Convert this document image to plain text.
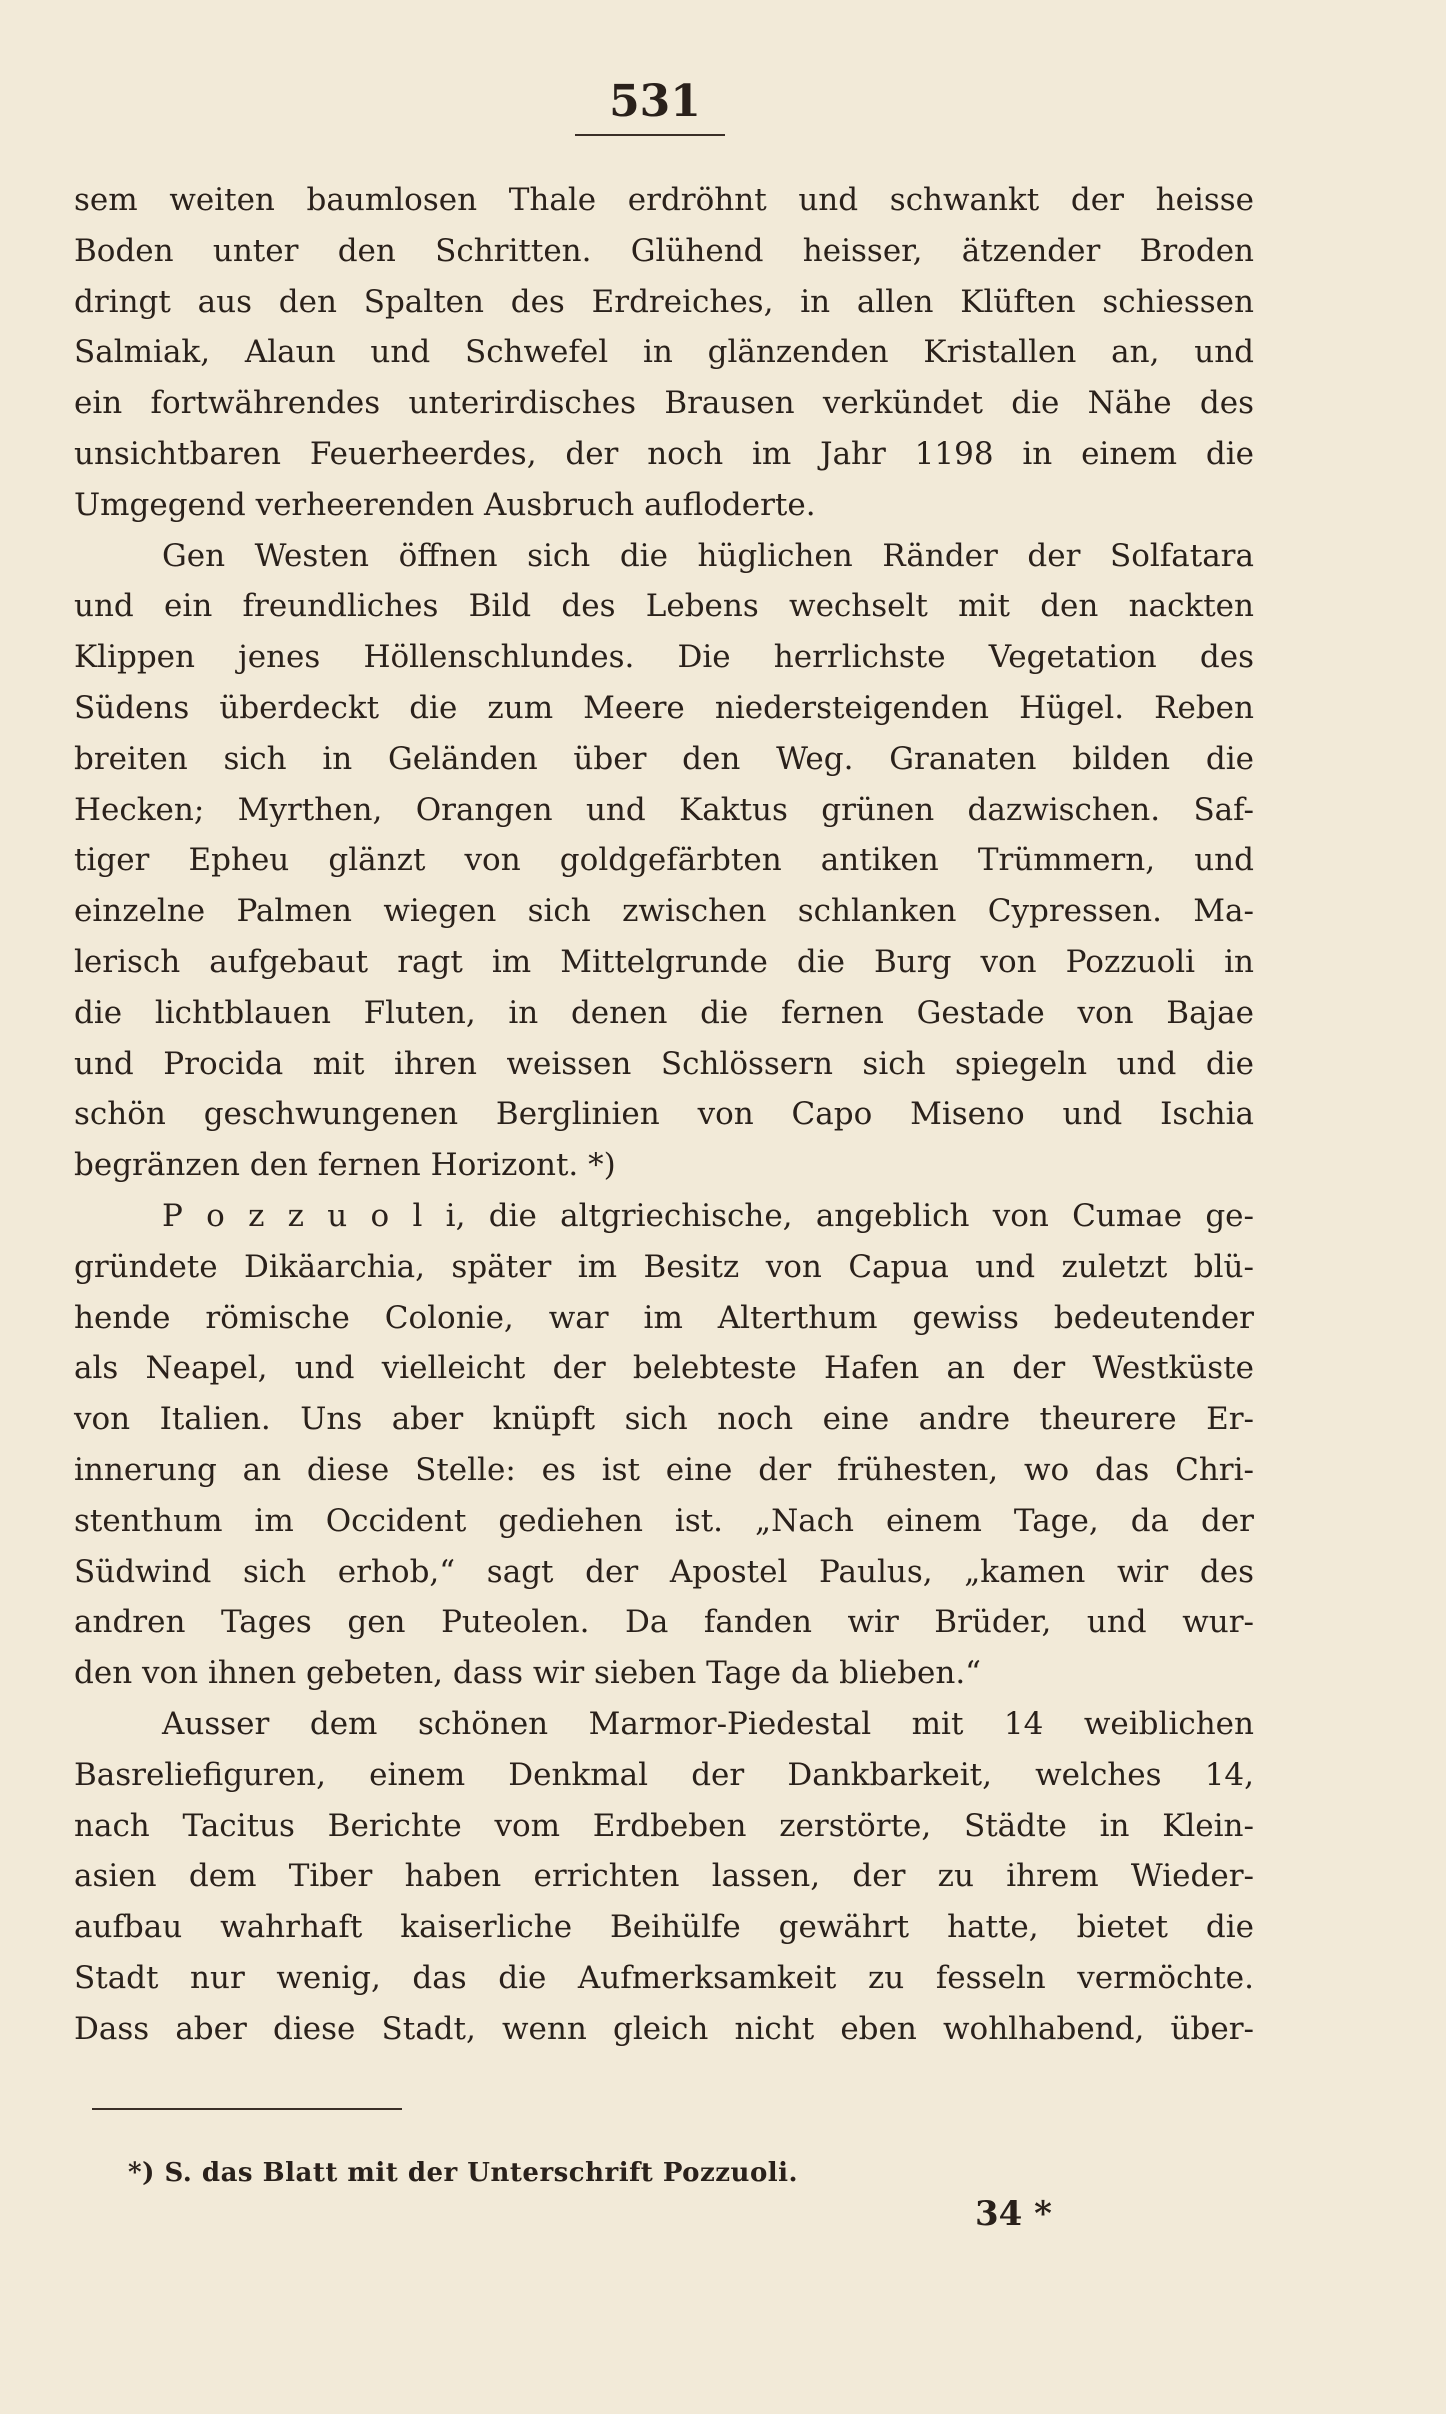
531
sem weiten baumlosen Thale erdröhnt und schwankt der heisse
Boden unter den Schritten. Glühend heisser, ätzender Broden
dringt aus den Spalten des Erdreiches, in allen Klüften schiessen
Salmiak, Alaun und Schwefel in glänzenden Kristallen an, und
ein fortwährendes unterirdisches Brausen verkündet die Nähe des
unsichtbaren Feuerheerdes, der noch im Jahr 1198 in einem die
Umgegend verheerenden Ausbruch aufloderte.
Gen Westen öffnen sich die hüglichen Ränder der Solfatara
und ein freundliches Bild des Lebens wechselt mit den nackten
Klippen jenes Höllenschlundes. Die herrlichste Vegetation des
Südens überdeckt die zum Meere niedersteigenden Hügel. Reben
breiten sich in Geländen über den Weg. Granaten bilden die
Hecken; Myrthen, Orangen und Kaktus grünen dazwischen. Saf-
tiger Epheu glänzt von goldgefärbten antiken Trümmern, und
einzelne Palmen wiegen sich zwischen schlanken Cypressen. Ma-
lerisch aufgebaut ragt im Mittelgrunde die Burg von Pozzuoli in
die lichtblauen Fluten, in denen die fernen Gestade von Bajae
und Procida mit ihren weissen Schlössern sich spiegeln und die
schön geschwungenen Berglinien von Capo Miseno und Ischia
begränzen den fernen Horizont. *)
P o z z u o l i, die altgriechische, angeblich von Cumae ge-
gründete Dikäarchia, später im Besitz von Capua und zuletzt blü-
hende römische Colonie, war im Alterthum gewiss bedeutender
als Neapel, und vielleicht der belebteste Hafen an der Westküste
von Italien. Uns aber knüpft sich noch eine andre theurere Er-
innerung an diese Stelle: es ist eine der frühesten, wo das Chri-
stenthum im Occident gediehen ist. „Nach einem Tage, da der
Südwind sich erhob,“ sagt der Apostel Paulus, „kamen wir des
andren Tages gen Puteolen. Da fanden wir Brüder, und wur-
den von ihnen gebeten, dass wir sieben Tage da blieben.“
Ausser dem schönen Marmor-Piedestal mit 14 weiblichen
Basreliefiguren, einem Denkmal der Dankbarkeit, welches 14,
nach Tacitus Berichte vom Erdbeben zerstörte, Städte in Klein-
asien dem Tiber haben errichten lassen, der zu ihrem Wieder-
aufbau wahrhaft kaiserliche Beihülfe gewährt hatte, bietet die
Stadt nur wenig, das die Aufmerksamkeit zu fesseln vermöchte.
Dass aber diese Stadt, wenn gleich nicht eben wohlhabend, über-
*) S. das Blatt mit der Unterschrift Pozzuoli.
34 *
